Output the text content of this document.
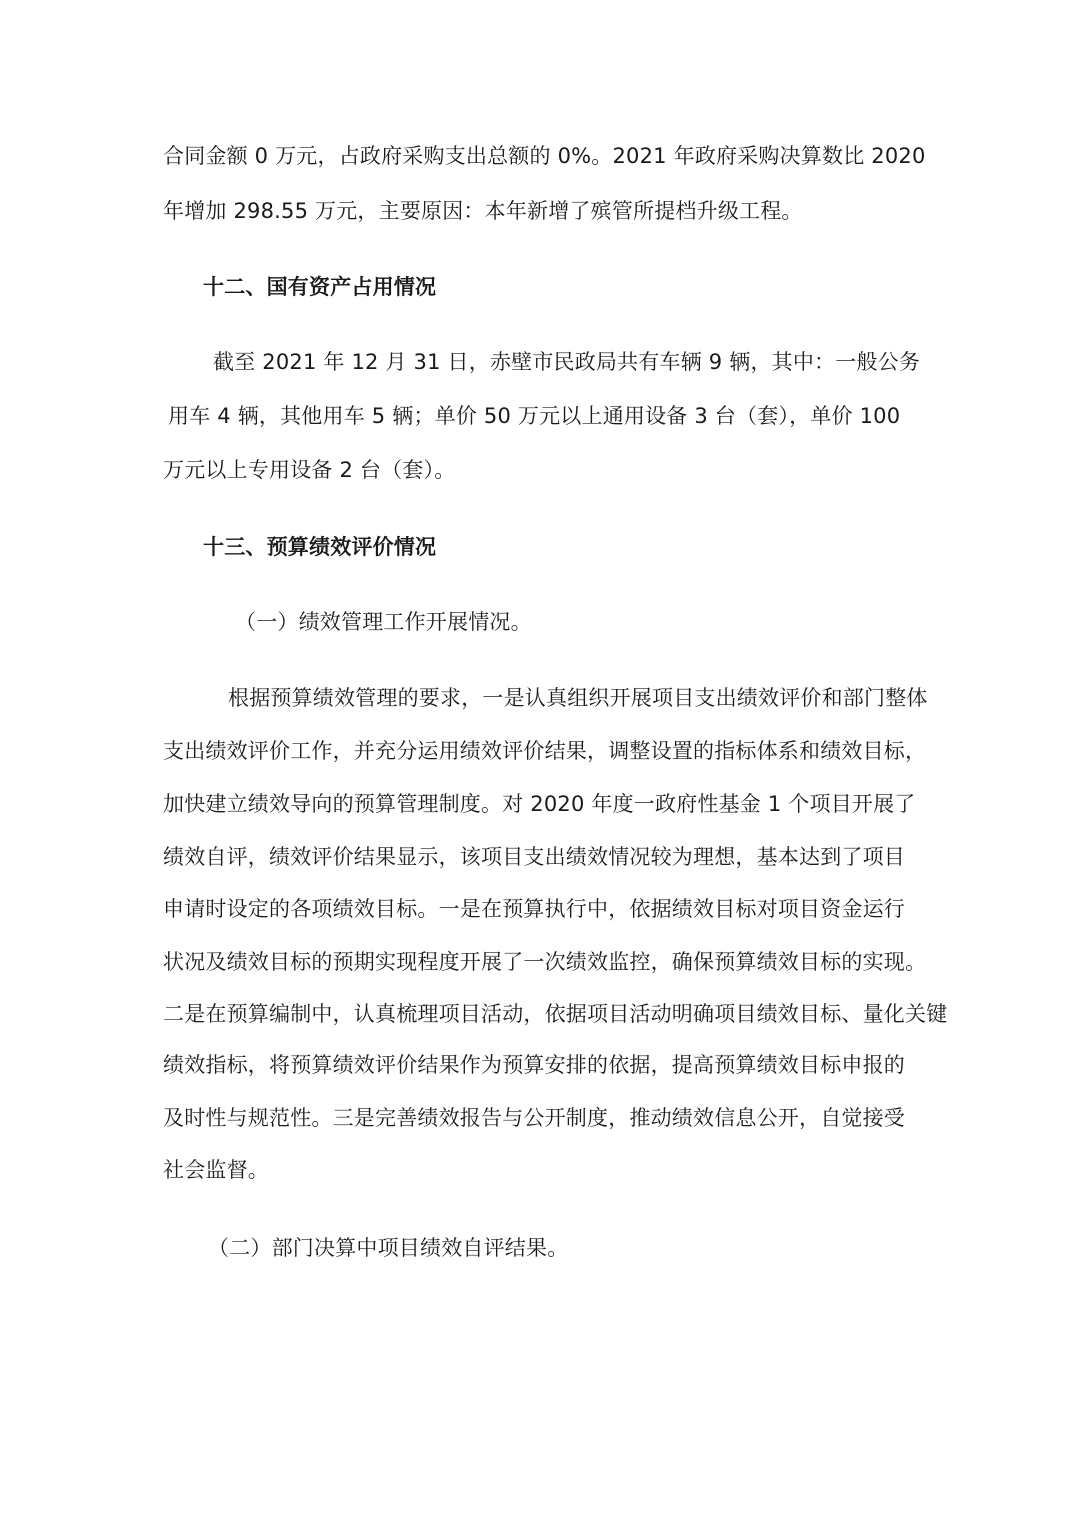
合同金额 0 万元，占政府采购支出总额的 0%。2021 年政府采购决算数比 2020
年增加 298.55 万元，主要原因：本年新增了殡管所提档升级工程。
十二、国有资产占用情况
截至 2021 年 12 月 31 日，赤壁市民政局共有车辆 9 辆，其中：一般公务
用车 4 辆，其他用车 5 辆；单价 50 万元以上通用设备 3 台（套），单价 100
万元以上专用设备 2 台（套）。
十三、预算绩效评价情况
（一）绩效管理工作开展情况。
根据预算绩效管理的要求，一是认真组织开展项目支出绩效评价和部门整体
支出绩效评价工作，并充分运用绩效评价结果，调整设置的指标体系和绩效目标，
加快建立绩效导向的预算管理制度。对 2020 年度一政府性基金 1 个项目开展了
绩效自评，绩效评价结果显示，该项目支出绩效情况较为理想，基本达到了项目
申请时设定的各项绩效目标。一是在预算执行中，依据绩效目标对项目资金运行
状况及绩效目标的预期实现程度开展了一次绩效监控，确保预算绩效目标的实现。
二是在预算编制中，认真梳理项目活动，依据项目活动明确项目绩效目标、量化关键
绩效指标，将预算绩效评价结果作为预算安排的依据，提高预算绩效目标申报的
及时性与规范性。三是完善绩效报告与公开制度，推动绩效信息公开，自觉接受
社会监督。
（二）部门决算中项目绩效自评结果。
